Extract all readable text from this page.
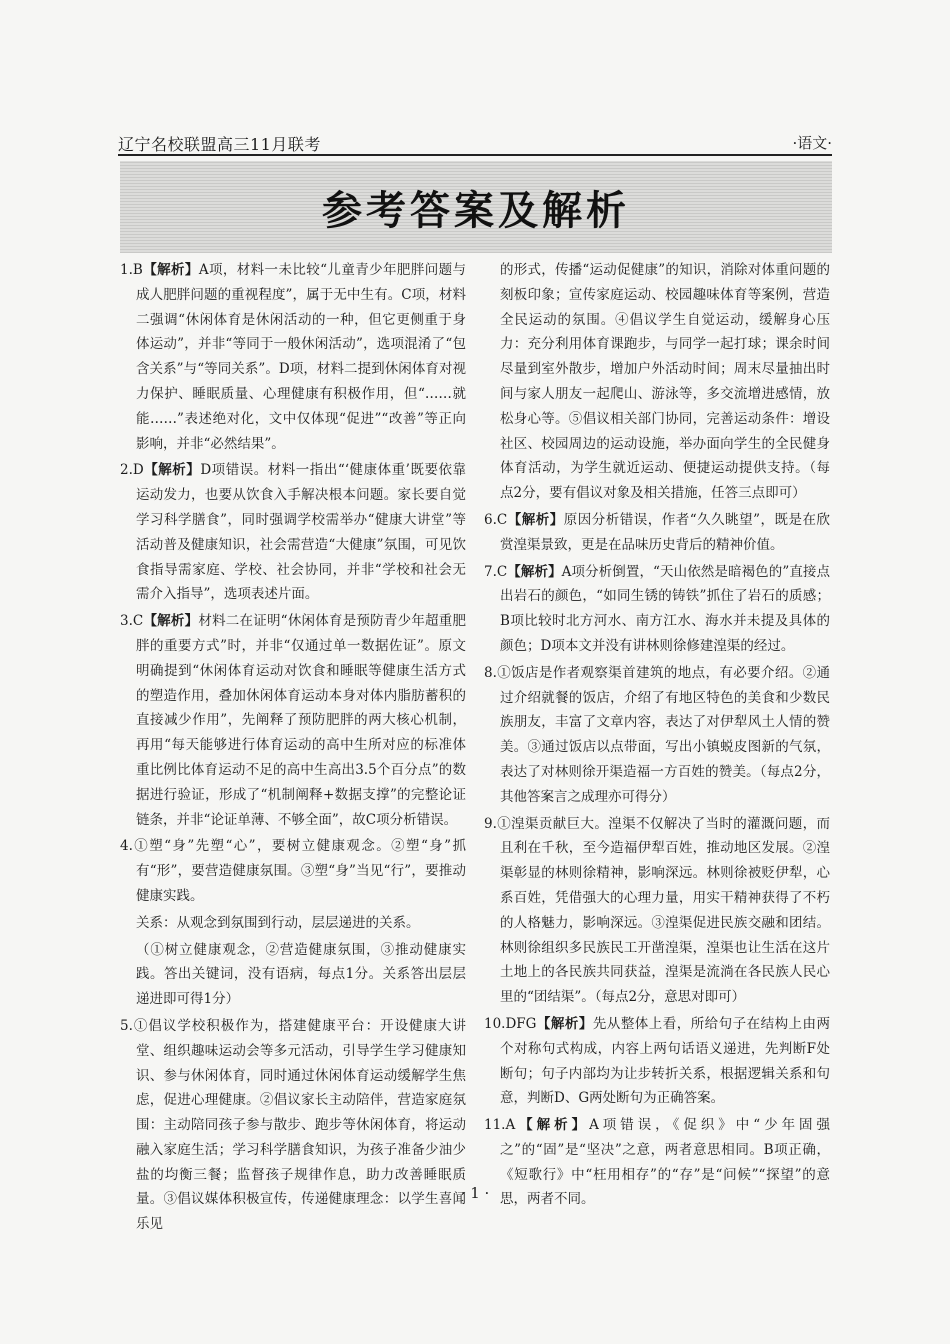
辽宁名校联盟高三11月联考	·语文·
参考答案及解析

1.B【解析】A项，材料一未比较“儿童青少年肥胖问题与成人肥胖问题的重视程度”，属于无中生有。C项，材料二强调“休闲体育是休闲活动的一种，但它更侧重于身体运动”，并非“等同于一般休闲活动”，选项混淆了“包含关系”与“等同关系”。D项，材料二提到休闲体育对视力保护、睡眠质量、心理健康有积极作用，但“……就能……”表述绝对化，文中仅体现“促进”“改善”等正向影响，并非“必然结果”。

2.D【解析】D项错误。材料一指出“‘健康体重’既要依靠运动发力，也要从饮食入手解决根本问题。家长要自觉学习科学膳食”，同时强调学校需举办“健康大讲堂”等活动普及健康知识，社会需营造“大健康”氛围，可见饮食指导需家庭、学校、社会协同，并非“学校和社会无需介入指导”，选项表述片面。

3.C【解析】材料二在证明“休闲体育是预防青少年超重肥胖的重要方式”时，并非“仅通过单一数据佐证”。原文明确提到“休闲体育运动对饮食和睡眠等健康生活方式的塑造作用，叠加休闲体育运动本身对体内脂肪蓄积的直接减少作用”，先阐释了预防肥胖的两大核心机制，再用“每天能够进行体育运动的高中生所对应的标准体重比例比体育运动不足的高中生高出3.5个百分点”的数据进行验证，形成了“机制阐释+数据支撑”的完整论证链条，并非“论证单薄、不够全面”，故C项分析错误。

4.①塑“身”先塑“心”，要树立健康观念。②塑“身”抓有“形”，要营造健康氛围。③塑“身”当见“行”，要推动健康实践。

关系：从观念到氛围到行动，层层递进的关系。

（①树立健康观念，②营造健康氛围，③推动健康实践。答出关键词，没有语病，每点1分。关系答出层层递进即可得1分）

5.①倡议学校积极作为，搭建健康平台：开设健康大讲堂、组织趣味运动会等多元活动，引导学生学习健康知识、参与休闲体育，同时通过休闲体育运动缓解学生焦虑，促进心理健康。②倡议家长主动陪伴，营造家庭氛围：主动陪同孩子参与散步、跑步等休闲体育，将运动融入家庭生活；学习科学膳食知识，为孩子准备少油少盐的均衡三餐；监督孩子规律作息，助力改善睡眠质量。③倡议媒体积极宣传，传递健康理念：以学生喜闻乐见

的形式，传播“运动促健康”的知识，消除对体重问题的刻板印象；宣传家庭运动、校园趣味体育等案例，营造全民运动的氛围。④倡议学生自觉运动，缓解身心压力：充分利用体育课跑步，与同学一起打球；课余时间尽量到室外散步，增加户外活动时间；周末尽量抽出时间与家人朋友一起爬山、游泳等，多交流增进感情，放松身心等。⑤倡议相关部门协同，完善运动条件：增设社区、校园周边的运动设施，举办面向学生的全民健身体育活动，为学生就近运动、便捷运动提供支持。（每点2分，要有倡议对象及相关措施，任答三点即可）

6.C【解析】原因分析错误，作者“久久眺望”，既是在欣赏湟渠景致，更是在品味历史背后的精神价值。

7.C【解析】A项分析倒置，“天山依然是暗褐色的”直接点出岩石的颜色，“如同生锈的铸铁”抓住了岩石的质感；B项比较时北方河水、南方江水、海水并未提及具体的颜色；D项本文并没有讲林则徐修建湟渠的经过。

8.①饭店是作者观察渠首建筑的地点，有必要介绍。②通过介绍就餐的饭店，介绍了有地区特色的美食和少数民族朋友，丰富了文章内容，表达了对伊犁风土人情的赞美。③通过饭店以点带面，写出小镇蜕皮图新的气氛，表达了对林则徐开渠造福一方百姓的赞美。（每点2分，其他答案言之成理亦可得分）

9.①湟渠贡献巨大。湟渠不仅解决了当时的灌溉问题，而且利在千秋，至今造福伊犁百姓，推动地区发展。②湟渠彰显的林则徐精神，影响深远。林则徐被贬伊犁，心系百姓，凭借强大的心理力量，用实干精神获得了不朽的人格魅力，影响深远。③湟渠促进民族交融和团结。林则徐组织多民族民工开凿湟渠，湟渠也让生活在这片土地上的各民族共同获益，湟渠是流淌在各民族人民心里的“团结渠”。（每点2分，意思对即可）

10.DFG【解析】先从整体上看，所给句子在结构上由两个对称句式构成，内容上两句话语义递进，先判断F处断句；句子内部均为让步转折关系，根据逻辑关系和句意，判断D、G两处断句为正确答案。

11.A【解析】A项错误，《促织》中“少年固强之”的“固”是“坚决”之意，两者意思相同。B项正确，《短歌行》中“枉用相存”的“存”是“问候”“探望”的意思，两者不同。

· 1 ·
